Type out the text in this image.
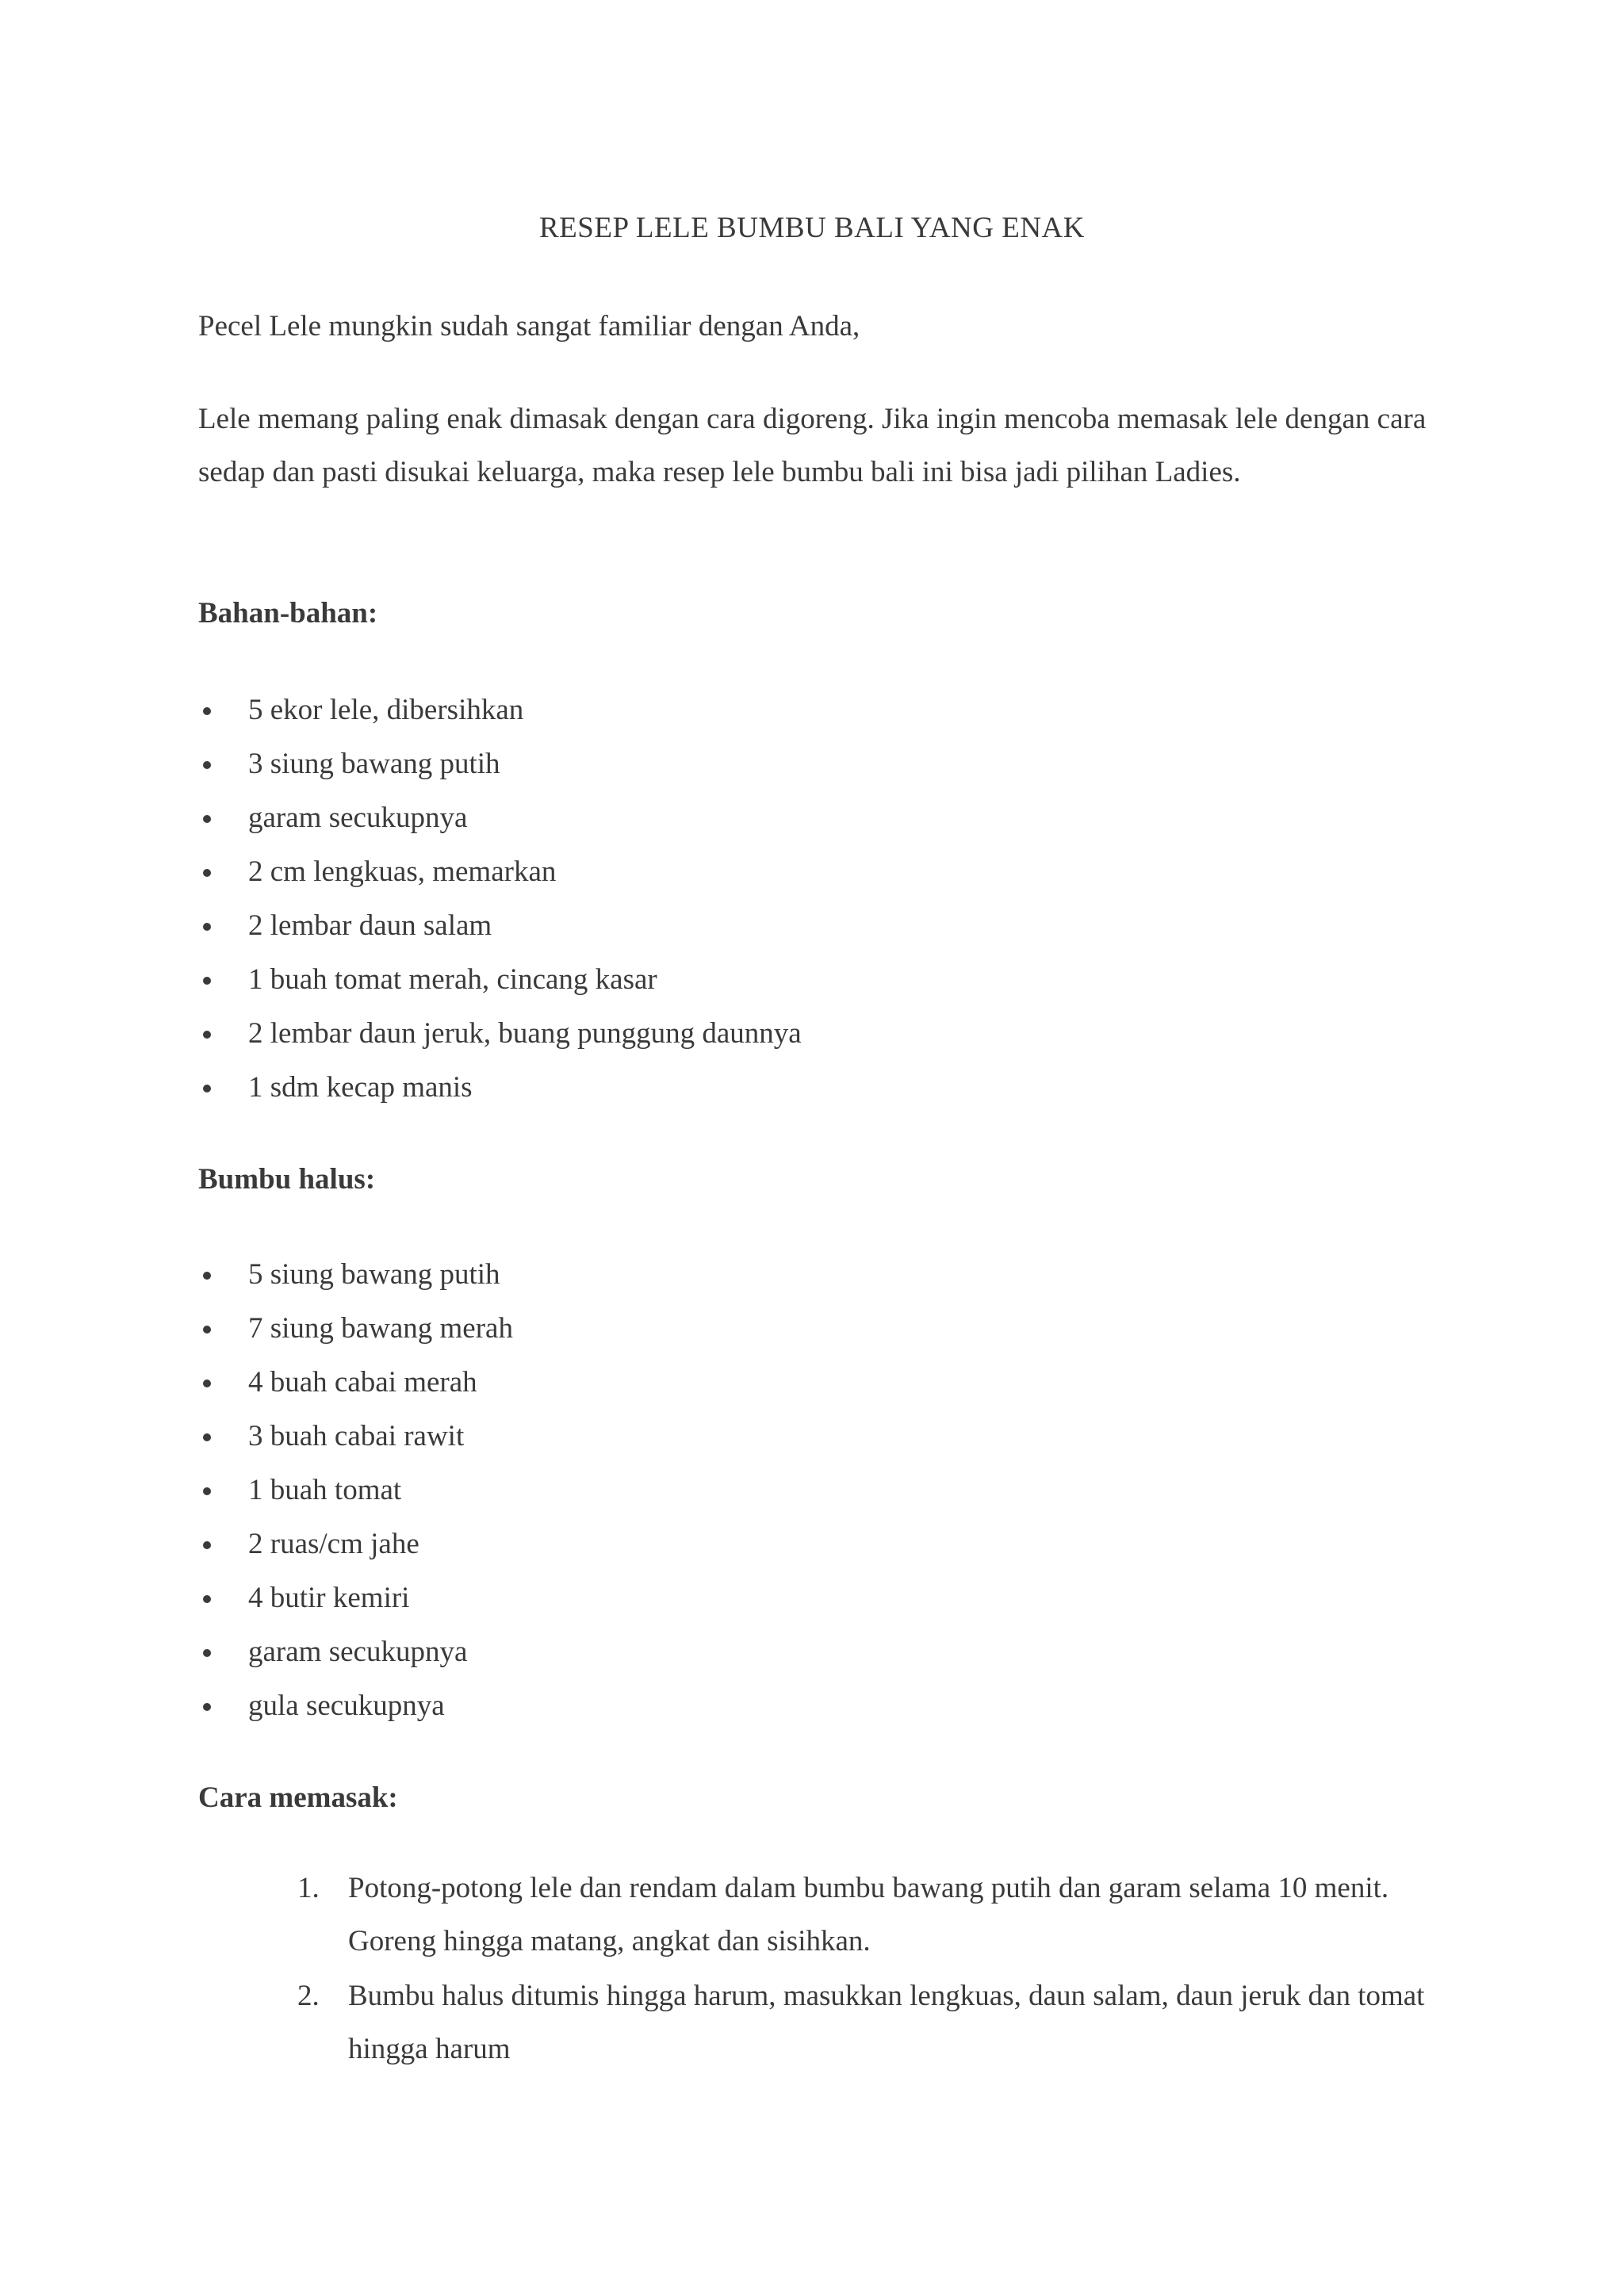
RESEP LELE BUMBU BALI YANG ENAK

Pecel Lele mungkin sudah sangat familiar dengan Anda,

Lele memang paling enak dimasak dengan cara digoreng. Jika ingin mencoba memasak lele dengan cara sedap dan pasti disukai keluarga, maka resep lele bumbu bali ini bisa jadi pilihan Ladies.

Bahan-bahan:
5 ekor lele, dibersihkan
3 siung bawang putih
garam secukupnya
2 cm lengkuas, memarkan
2 lembar daun salam
1 buah tomat merah, cincang kasar
2 lembar daun jeruk, buang punggung daunnya
1 sdm kecap manis
Bumbu halus:
5 siung bawang putih
7 siung bawang merah
4 buah cabai merah
3 buah cabai rawit
1 buah tomat
2 ruas/cm jahe
4 butir kemiri
garam secukupnya
gula secukupnya
Cara memasak:
1. Potong-potong lele dan rendam dalam bumbu bawang putih dan garam selama 10 menit. Goreng hingga matang, angkat dan sisihkan.
2. Bumbu halus ditumis hingga harum, masukkan lengkuas, daun salam, daun jeruk dan tomat hingga harum
